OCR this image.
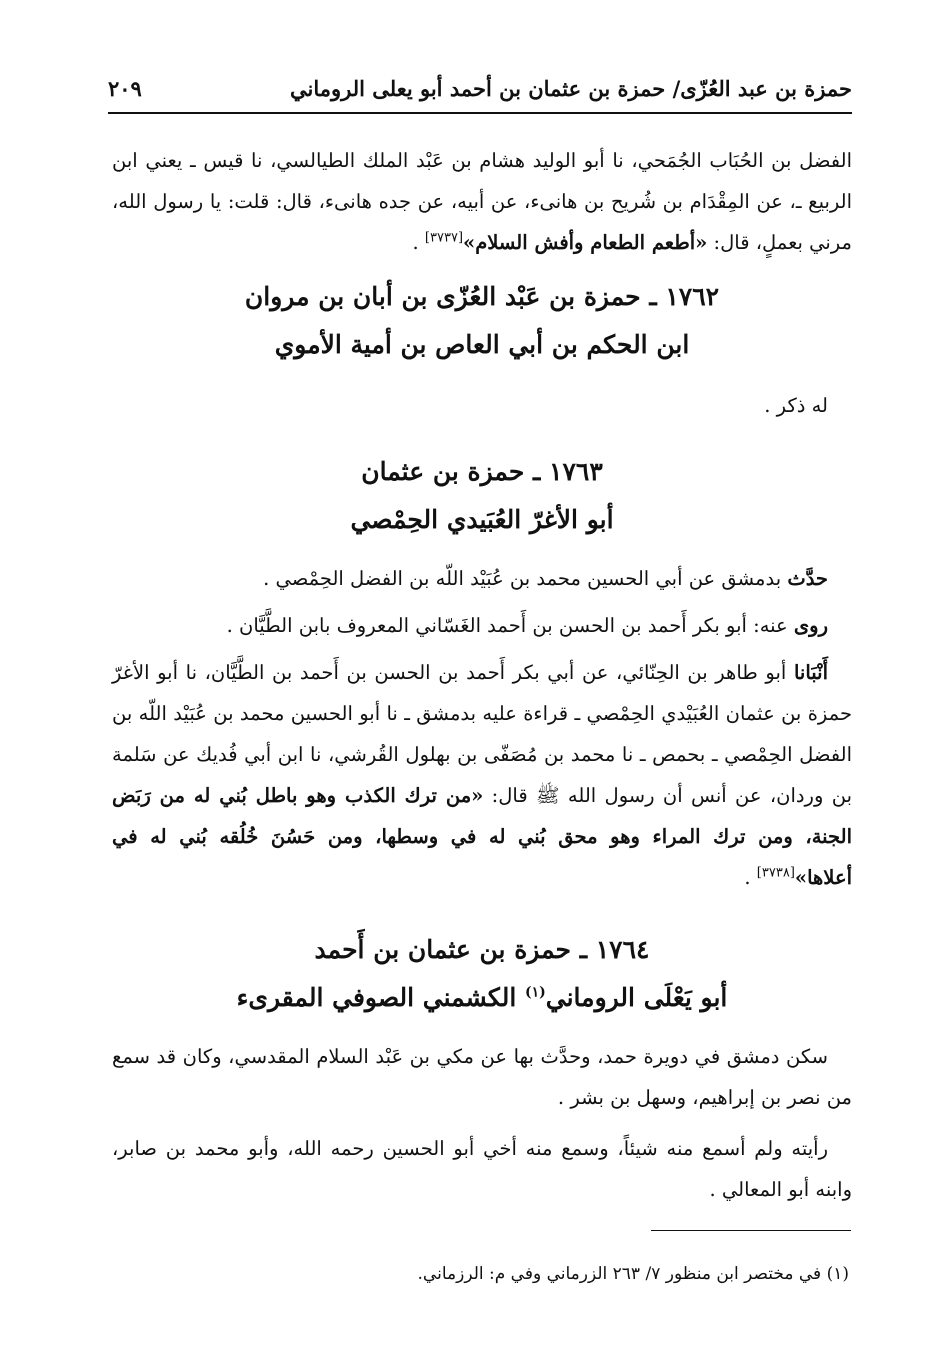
حمزة بن عبد العُزّى/ حمزة بن عثمان بن أحمد أبو يعلى الروماني
٢٠٩

الفضل بن الحُبَاب الجُمَحي، نا أبو الوليد هشام بن عَبْد الملك الطيالسي، نا قيس ـ يعني ابن الربيع ـ، عن المِقْدَام بن شُريح بن هانىء، عن أبيه، عن جده هانىء، قال: قلت: يا رسول الله، مرني بعملٍ، قال: «أطعم الطعام وأفش السلام»[٣٧٣٧] .

١٧٦٢ ـ حمزة بن عَبْد العُزّى بن أبان بن مروان
ابن الحكم بن أبي العاص بن أمية الأموي

له ذكر .

١٧٦٣ ـ حمزة بن عثمان
أبو الأغرّ العُبَيدي الحِمْصي

حدَّث بدمشق عن أبي الحسين محمد بن عُبَيْد اللّه بن الفضل الحِمْصي .

روى عنه: أبو بكر أَحمد بن الحسن بن أَحمد الغَسّاني المعروف بابن الطَّيَّان .

أَنْبَانا أبو طاهر بن الحِنّائي، عن أبي بكر أَحمد بن الحسن بن أَحمد بن الطَّيَّان، نا أبو الأغرّ حمزة بن عثمان العُبَيْدي الحِمْصي ـ قراءة عليه بدمشق ـ نا أبو الحسين محمد بن عُبَيْد اللّه بن الفضل الحِمْصي ـ بحمص ـ نا محمد بن مُصَفّى بن بهلول القُرشي، نا ابن أبي فُديك عن سَلمة بن وردان، عن أنس أن رسول الله ﷺ قال: «من ترك الكذب وهو باطل بُني له من رَبَض الجنة، ومن ترك المراء وهو محق بُني له في وسطها، ومن حَسُنَ خُلُقه بُني له في أعلاها»[٣٧٣٨] .

١٧٦٤ ـ حمزة بن عثمان بن أَحمد
أبو يَعْلَى الروماني$^{(١)}$ الكشمني الصوفي المقرىء

سكن دمشق في دويرة حمد، وحدَّث بها عن مكي بن عَبْد السلام المقدسي، وكان قد سمع من نصر بن إبراهيم، وسهل بن بشر .

رأيته ولم أسمع منه شيئاً، وسمع منه أخي أبو الحسين رحمه الله، وأبو محمد بن صابر، وابنه أبو المعالي .

(١) في مختصر ابن منظور ٧/ ٢٦٣ الزرماني وفي م: الرزماني.
